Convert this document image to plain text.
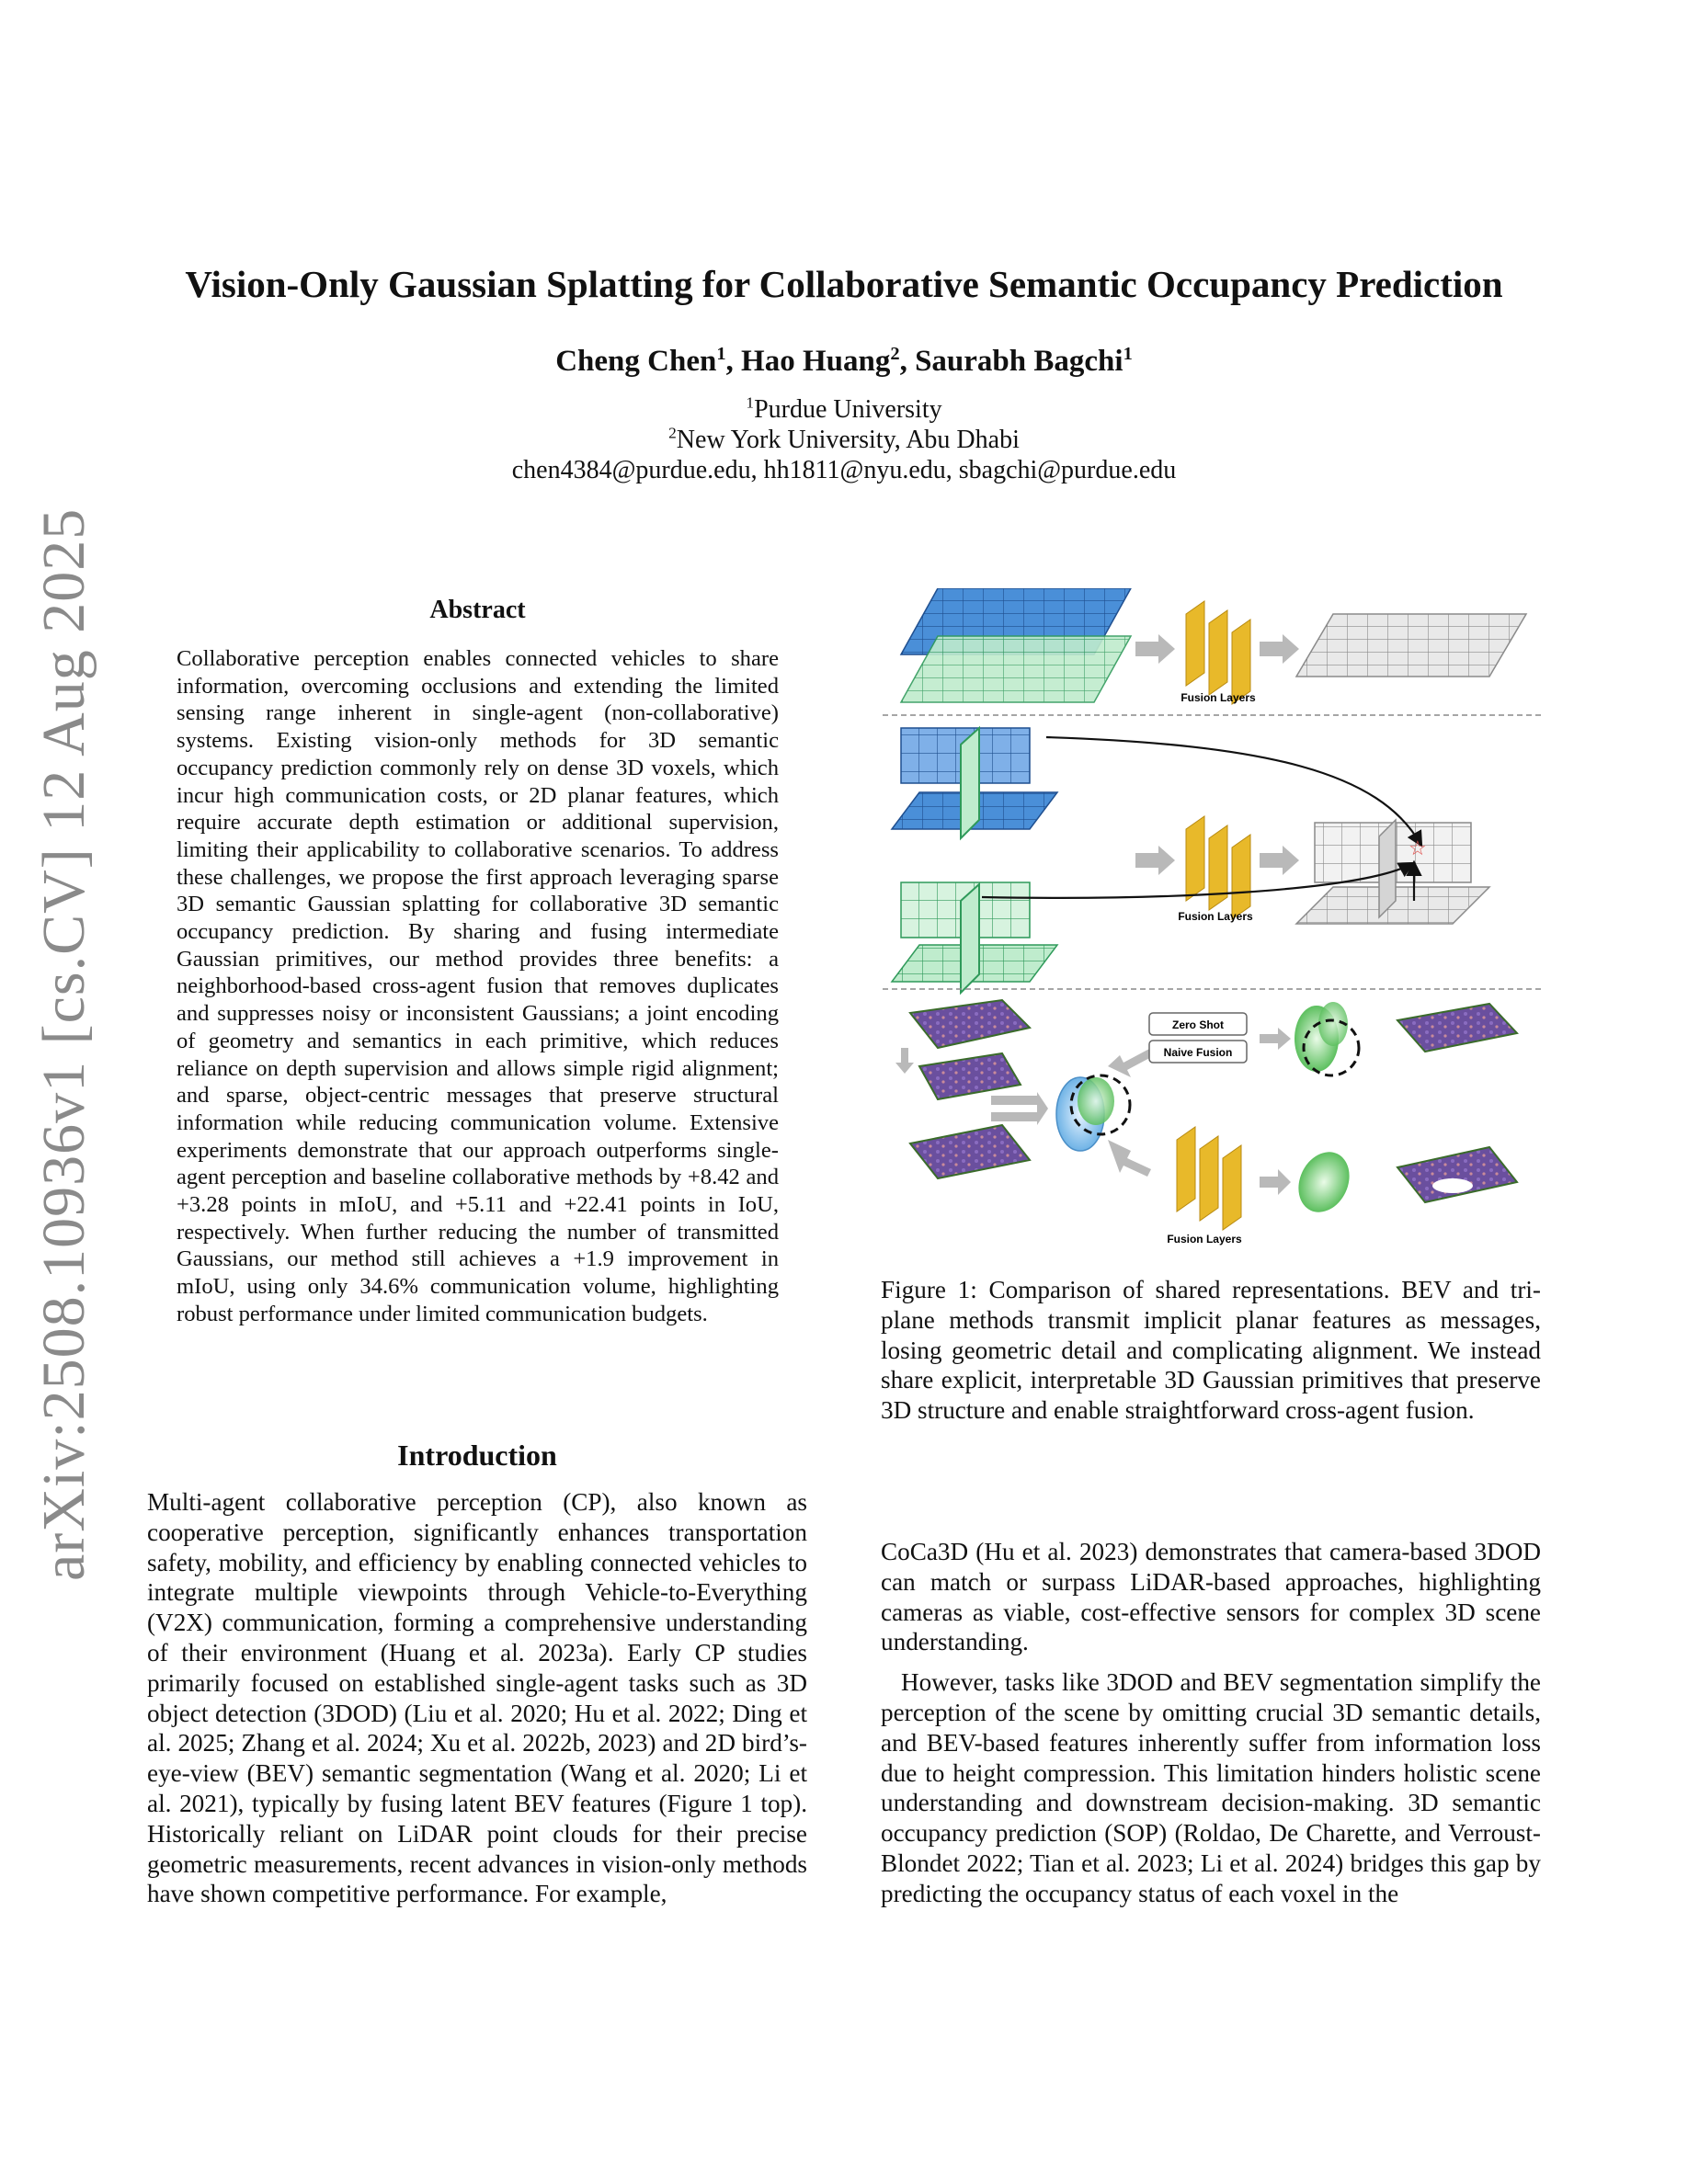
arXiv:2508.10936v1 [cs.CV] 12 Aug 2025
Vision-Only Gaussian Splatting for Collaborative Semantic Occupancy Prediction
Cheng Chen$^1$, Hao Huang$^2$, Saurabh Bagchi$^1$
$^1$Purdue University
$^2$New York University, Abu Dhabi
chen4384@purdue.edu, hh1811@nyu.edu, sbagchi@purdue.edu
Abstract
Collaborative perception enables connected vehicles to share information, overcoming occlusions and extending the limited sensing range inherent in single-agent (non-collaborative) systems. Existing vision-only methods for 3D semantic occupancy prediction commonly rely on dense 3D voxels, which incur high communication costs, or 2D planar features, which require accurate depth estimation or additional supervision, limiting their applicability to collaborative scenarios. To address these challenges, we propose the first approach leveraging sparse 3D semantic Gaussian splatting for collaborative 3D semantic occupancy prediction. By sharing and fusing intermediate Gaussian primitives, our method provides three benefits: a neighborhood-based cross-agent fusion that removes duplicates and suppresses noisy or inconsistent Gaussians; a joint encoding of geometry and semantics in each primitive, which reduces reliance on depth supervision and allows simple rigid alignment; and sparse, object-centric messages that preserve structural information while reducing communication volume. Extensive experiments demonstrate that our approach outperforms single-agent perception and baseline collaborative methods by +8.42 and +3.28 points in mIoU, and +5.11 and +22.41 points in IoU, respectively. When further reducing the number of transmitted Gaussians, our method still achieves a +1.9 improvement in mIoU, using only 34.6% communication volume, highlighting robust performance under limited communication budgets.
Introduction

Multi-agent collaborative perception (CP), also known as cooperative perception, significantly enhances transportation safety, mobility, and efficiency by enabling connected vehicles to integrate multiple viewpoints through Vehicle-to-Everything (V2X) communication, forming a comprehensive understanding of their environment (Huang et al. 2023a). Early CP studies primarily focused on established single-agent tasks such as 3D object detection (3DOD) (Liu et al. 2020; Hu et al. 2022; Ding et al. 2025; Zhang et al. 2024; Xu et al. 2022b, 2023) and 2D bird’s-eye-view (BEV) semantic segmentation (Wang et al. 2020; Li et al. 2021), typically by fusing latent BEV features (Figure 1 top). Historically reliant on LiDAR point clouds for their precise geometric measurements, recent advances in vision-only methods have shown competitive performance. For example,

Fusion Layers
Fusion Layers
☆
Zero Shot
Naive Fusion
Fusion Layers
Figure 1: Comparison of shared representations. BEV and tri-plane methods transmit implicit planar features as messages, losing geometric detail and complicating alignment. We instead share explicit, interpretable 3D Gaussian primitives that preserve 3D structure and enable straightforward cross-agent fusion.

CoCa3D (Hu et al. 2023) demonstrates that camera-based 3DOD can match or surpass LiDAR-based approaches, highlighting cameras as viable, cost-effective sensors for complex 3D scene understanding.

However, tasks like 3DOD and BEV segmentation simplify the perception of the scene by omitting crucial 3D semantic details, and BEV-based features inherently suffer from information loss due to height compression. This limitation hinders holistic scene understanding and downstream decision-making. 3D semantic occupancy prediction (SOP) (Roldao, De Charette, and Verroust-Blondet 2022; Tian et al. 2023; Li et al. 2024) bridges this gap by predicting the occupancy status of each voxel in the
